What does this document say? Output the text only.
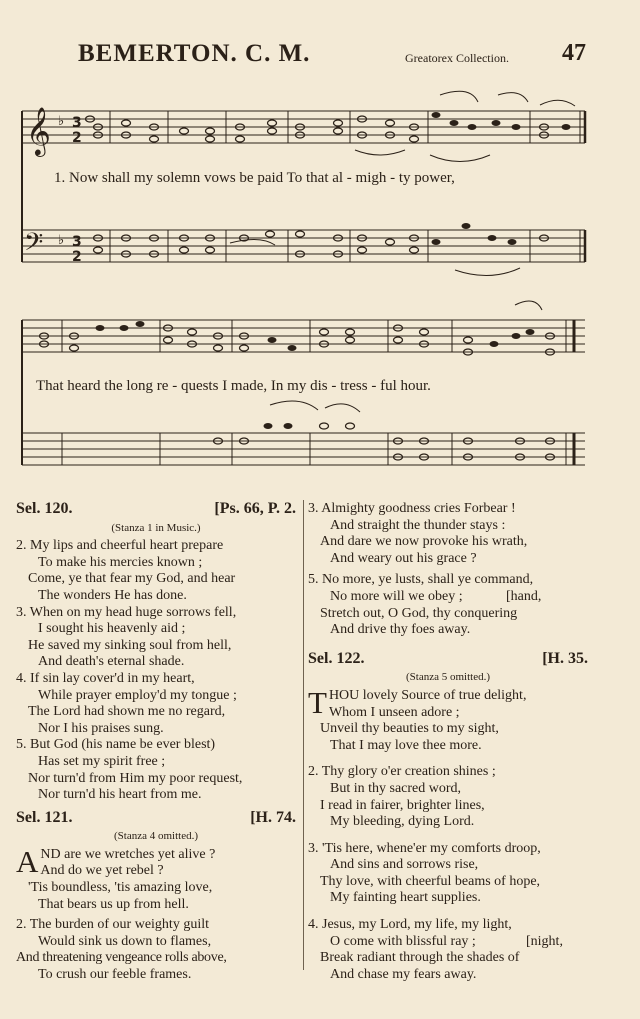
BEMERTON. C. M.	Greatorex Collection. 47
𝄞
𝄢
♭
♭
3
2
3
2
1. Now shall my solemn vows be paid To that al - migh - ty power,
That heard the long re - quests I made, In my dis - tress - ful hour.
Sel. 120.	[Ps. 66, P. 2.
(Stanza 1 in Music.)

2. My lips and cheerful heart prepare

To make his mercies known ;

Come, ye that fear my God, and hear

The wonders He has done.

3. When on my head huge sorrows fell,

I sought his heavenly aid ;

He saved my sinking soul from hell,

And death's eternal shade.

4. If sin lay cover'd in my heart,

While prayer employ'd my tongue ;

The Lord had shown me no regard,

Nor I his praises sung.

5. But God (his name be ever blest)

Has set my spirit free ;

Nor turn'd from Him my poor request,

Nor turn'd his heart from me.

Sel. 121.	[H. 74.
(Stanza 4 omitted.)
A ND are we wretches yet alive ?

And do we yet rebel ?

'Tis boundless, 'tis amazing love,

That bears us up from hell.

2. The burden of our weighty guilt

Would sink us down to flames,

And threatening vengeance rolls above,

To crush our feeble frames.

3. Almighty goodness cries Forbear !

And straight the thunder stays :

And dare we now provoke his wrath,

And weary out his grace ?

5. No more, ye lusts, shall ye command,

No more will we obey ;	[hand,

Stretch out, O God, thy conquering

And drive thy foes away.

Sel. 122.	[H. 35.
(Stanza 5 omitted.)
T HOU lovely Source of true delight,

Whom I unseen adore ;

Unveil thy beauties to my sight,

That I may love thee more.

2. Thy glory o'er creation shines ;

But in thy sacred word,

I read in fairer, brighter lines,

My bleeding, dying Lord.

3. 'Tis here, whene'er my comforts droop,

And sins and sorrows rise,

Thy love, with cheerful beams of hope,

My fainting heart supplies.

4. Jesus, my Lord, my life, my light,

O come with blissful ray ;	[night,

Break radiant through the shades of

And chase my fears away.
